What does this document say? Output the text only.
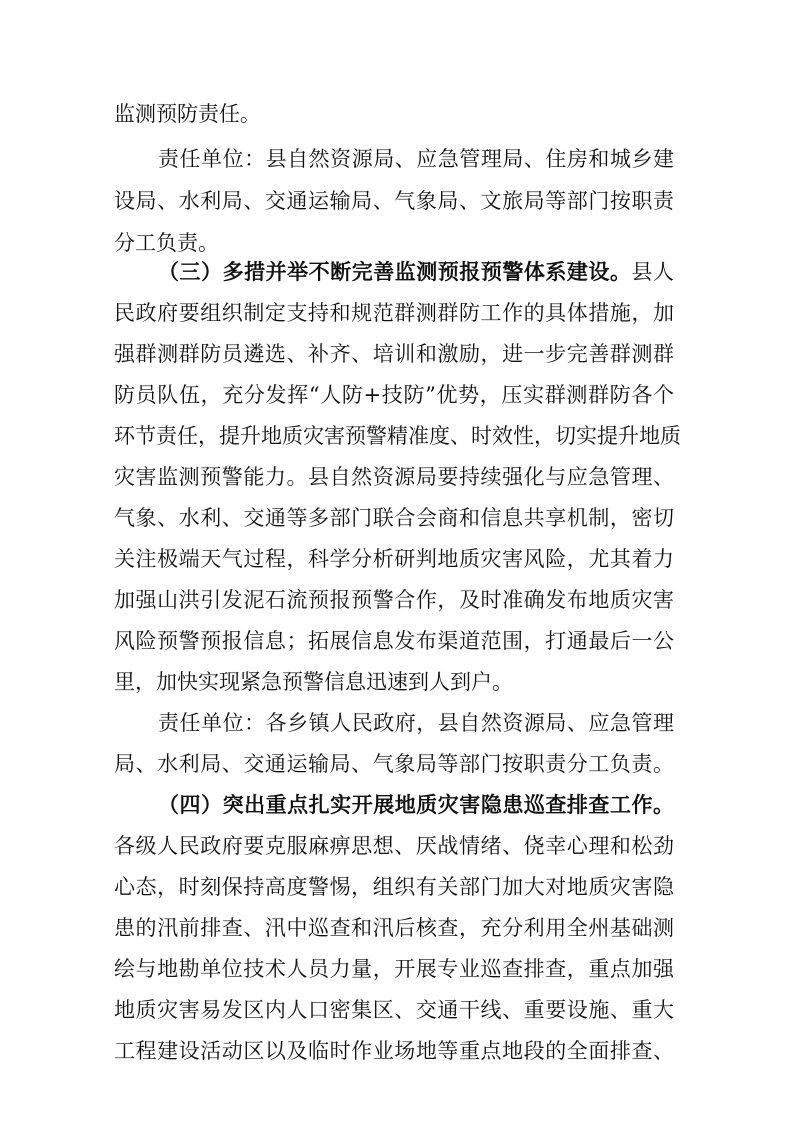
监测预防责任。
责任单位：县自然资源局、应急管理局、住房和城乡建
设局、水利局、交通运输局、气象局、文旅局等部门按职责
分工负责。
（三）多措并举不断完善监测预报预警体系建设。县人
民政府要组织制定支持和规范群测群防工作的具体措施，加
强群测群防员遴选、补齐、培训和激励，进一步完善群测群
防员队伍，充分发挥“人防+技防”优势，压实群测群防各个
环节责任，提升地质灾害预警精准度、时效性，切实提升地质
灾害监测预警能力。县自然资源局要持续强化与应急管理、
气象、水利、交通等多部门联合会商和信息共享机制，密切
关注极端天气过程，科学分析研判地质灾害风险，尤其着力
加强山洪引发泥石流预报预警合作，及时准确发布地质灾害
风险预警预报信息；拓展信息发布渠道范围，打通最后一公
里，加快实现紧急预警信息迅速到人到户。
责任单位：各乡镇人民政府，县自然资源局、应急管理
局、水利局、交通运输局、气象局等部门按职责分工负责。
（四）突出重点扎实开展地质灾害隐患巡查排查工作。
各级人民政府要克服麻痹思想、厌战情绪、侥幸心理和松劲
心态，时刻保持高度警惕，组织有关部门加大对地质灾害隐
患的汛前排查、汛中巡查和汛后核查，充分利用全州基础测
绘与地勘单位技术人员力量，开展专业巡查排查，重点加强
地质灾害易发区内人口密集区、交通干线、重要设施、重大
工程建设活动区以及临时作业场地等重点地段的全面排查、
